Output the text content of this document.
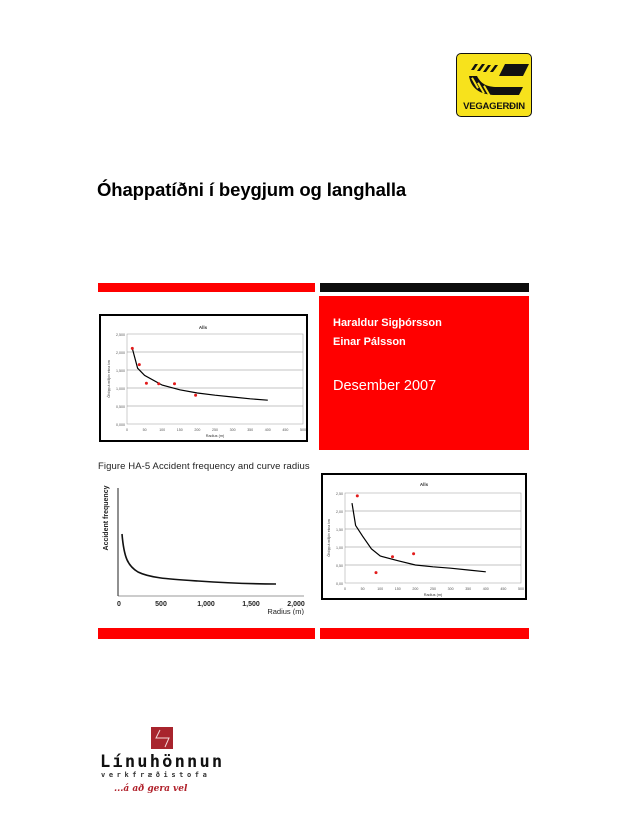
VEGAGERÐIN
Óhappatíðni í beygjum og langhalla
Haraldur Sigþórsson
Einar Pálsson
Desember 2007
Alls
2,500
2,000
1,500
1,000
0,500
0,000
0	50	100	150	200	250	300	350	400	450	500
Radius (m)
Óhöpp á milljón ekna km
Figure HA-5 Accident frequency and curve radius
Accident frequency
0	500	1,000	1,500	2,000
Radius (m)
Alls
2,50
2,00
1,50
1,00
0,50
0,00
0	50	100	150	200	250	300	350	400	450	500
Radius (m)
Óhöpp á milljón ekna km
Línuhönnun
verkfræðistofa
...á að gera vel
